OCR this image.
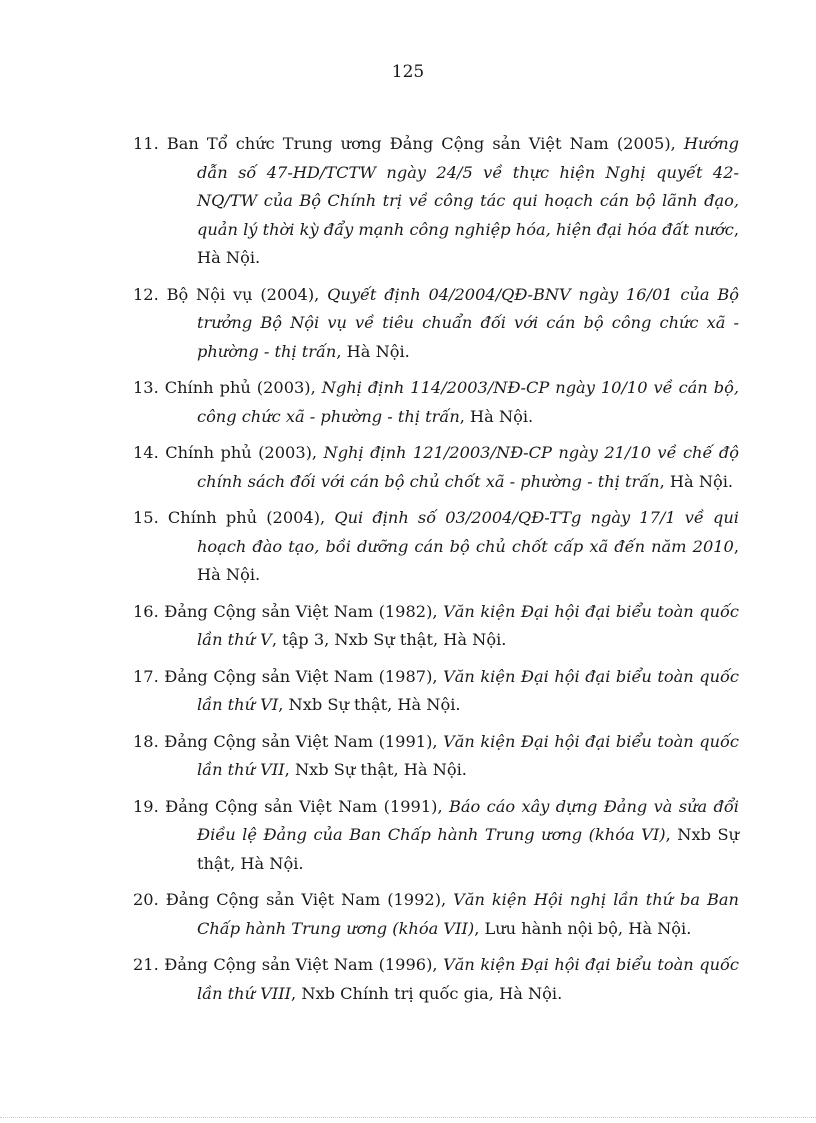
125
11. Ban Tổ chức Trung ương Đảng Cộng sản Việt Nam (2005), Hướng dẫn số 47-HD/TCTW ngày 24/5 về thực hiện Nghị quyết 42-NQ/TW của Bộ Chính trị về công tác qui hoạch cán bộ lãnh đạo, quản lý thời kỳ đẩy mạnh công nghiệp hóa, hiện đại hóa đất nước, Hà Nội.
12. Bộ Nội vụ (2004), Quyết định 04/2004/QĐ-BNV ngày 16/01 của Bộ trưởng Bộ Nội vụ về tiêu chuẩn đối với cán bộ công chức xã - phường - thị trấn, Hà Nội.
13. Chính phủ (2003), Nghị định 114/2003/NĐ-CP ngày 10/10 về cán bộ, công chức xã - phường - thị trấn, Hà Nội.
14. Chính phủ (2003), Nghị định 121/2003/NĐ-CP ngày 21/10 về chế độ chính sách đối với cán bộ chủ chốt xã - phường - thị trấn, Hà Nội.
15. Chính phủ (2004), Qui định số 03/2004/QĐ-TTg ngày 17/1 về qui hoạch đào tạo, bồi dưỡng cán bộ chủ chốt cấp xã đến năm 2010, Hà Nội.
16. Đảng Cộng sản Việt Nam (1982), Văn kiện Đại hội đại biểu toàn quốc lần thứ V, tập 3, Nxb Sự thật, Hà Nội.
17. Đảng Cộng sản Việt Nam (1987), Văn kiện Đại hội đại biểu toàn quốc lần thứ VI, Nxb Sự thật, Hà Nội.
18. Đảng Cộng sản Việt Nam (1991), Văn kiện Đại hội đại biểu toàn quốc lần thứ VII, Nxb Sự thật, Hà Nội.
19. Đảng Cộng sản Việt Nam (1991), Báo cáo xây dựng Đảng và sửa đổi Điều lệ Đảng của Ban Chấp hành Trung ương (khóa VI), Nxb Sự thật, Hà Nội.
20. Đảng Cộng sản Việt Nam (1992), Văn kiện Hội nghị lần thứ ba Ban Chấp hành Trung ương (khóa VII), Lưu hành nội bộ, Hà Nội.
21. Đảng Cộng sản Việt Nam (1996), Văn kiện Đại hội đại biểu toàn quốc lần thứ VIII, Nxb Chính trị quốc gia, Hà Nội.
